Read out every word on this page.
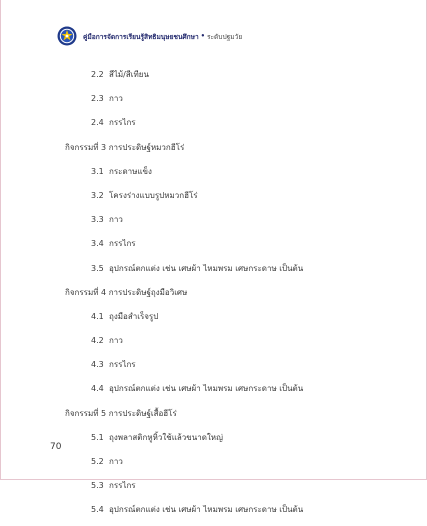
คู่มือการจัดการเรียนรู้สิทธิมนุษยชนศึกษา • ระดับปฐมวัย
2.2 สีไม้/สีเทียน
2.3 กาว
2.4 กรรไกร
กิจกรรมที่ 3 การประดิษฐ์หมวกฮีโร่
3.1 กระดาษแข็ง
3.2 โครงร่างแบบรูปหมวกฮีโร่
3.3 กาว
3.4 กรรไกร
3.5 อุปกรณ์ตกแต่ง เช่น เศษผ้า ไหมพรม เศษกระดาษ เป็นต้น
กิจกรรมที่ 4 การประดิษฐ์ถุงมือวิเศษ
4.1 ถุงมือสำเร็จรูป
4.2 กาว
4.3 กรรไกร
4.4 อุปกรณ์ตกแต่ง เช่น เศษผ้า ไหมพรม เศษกระดาษ เป็นต้น
กิจกรรมที่ 5 การประดิษฐ์เสื้อฮีโร่
5.1 ถุงพลาสติกหูหิ้วใช้แล้วขนาดใหญ่
5.2 กาว
5.3 กรรไกร
5.4 อุปกรณ์ตกแต่ง เช่น เศษผ้า ไหมพรม เศษกระดาษ เป็นต้น
70
